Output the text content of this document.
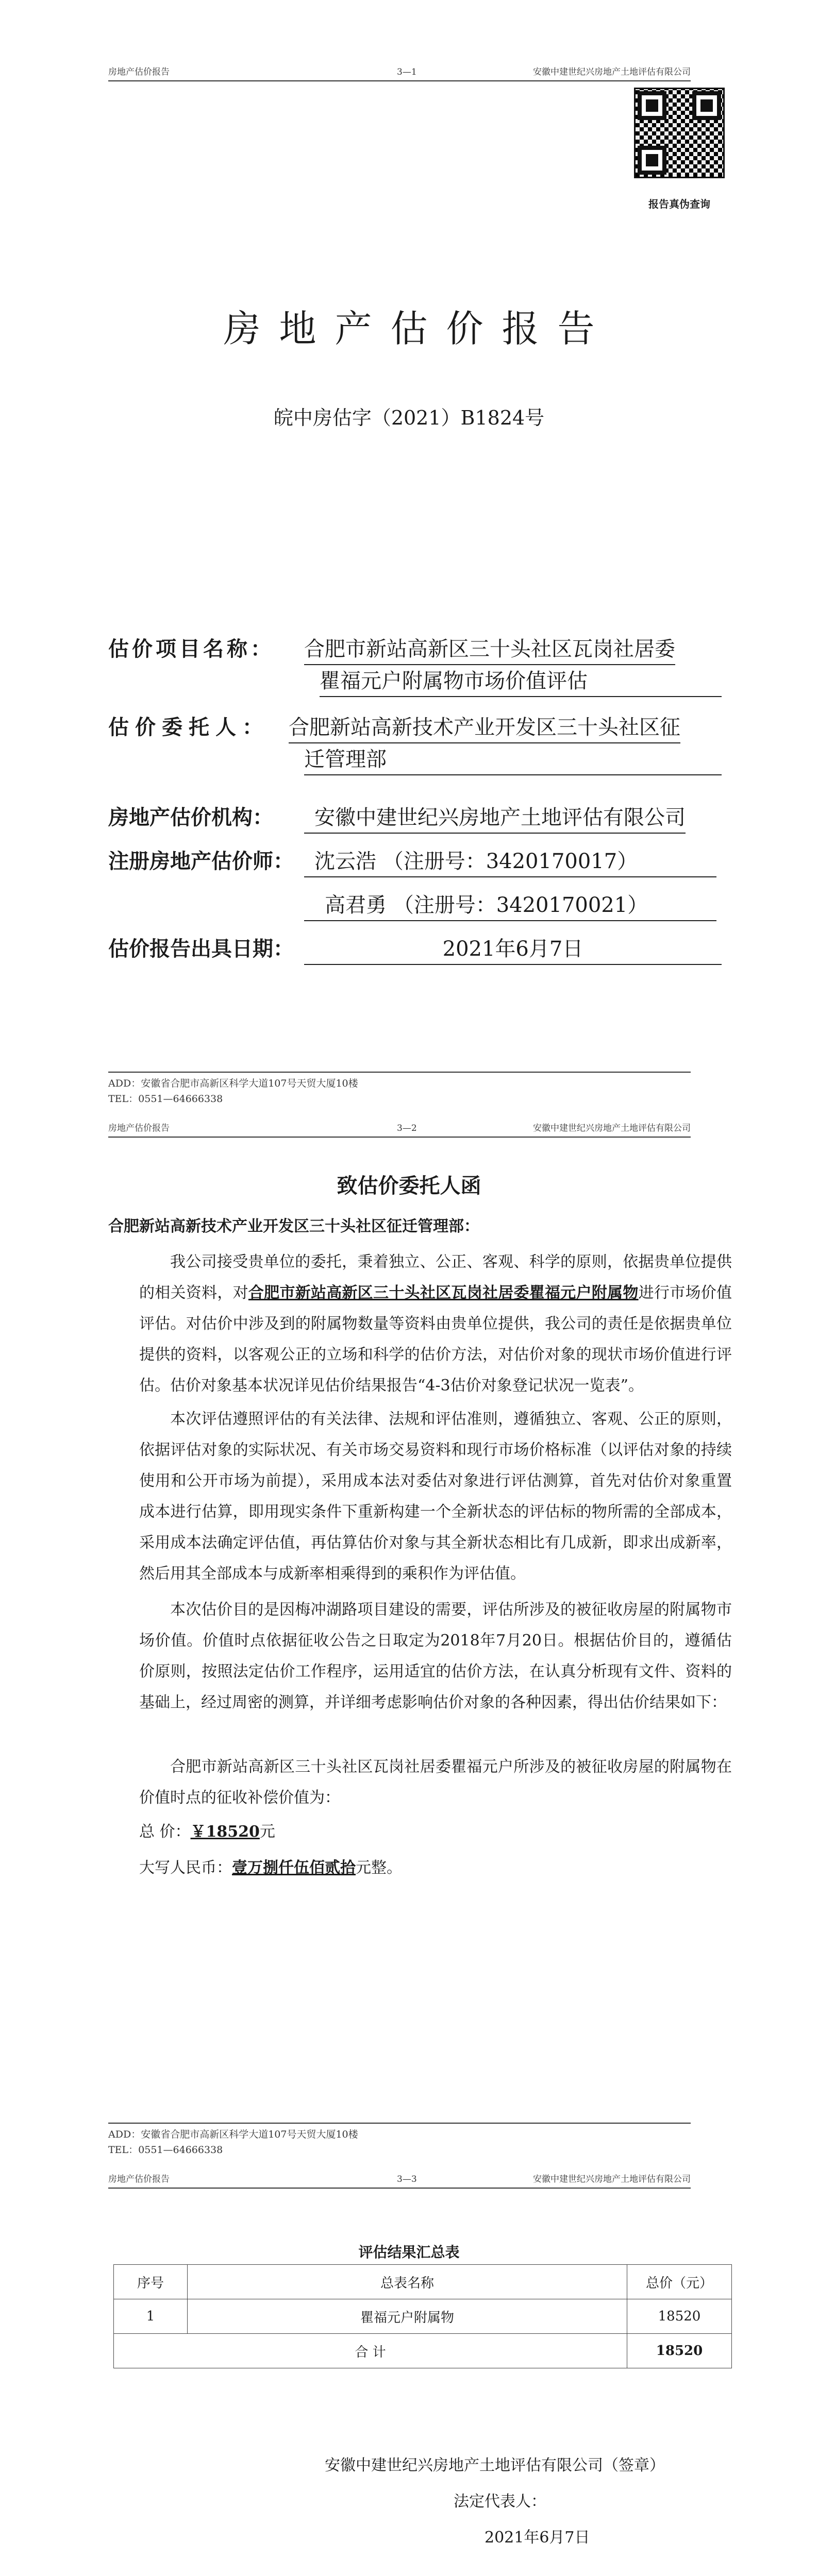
房地产估价报告	3—1	安徽中建世纪兴房地产土地评估有限公司
报告真伪查询
房地产估价报告
皖中房估字（2021）B1824号
估价项目名称： 合肥市新站高新区三十头社区瓦岗社居委
瞿福元户附属物市场价值评估
估价委托人： 合肥新站高新技术产业开发区三十头社区征
迁管理部
房地产估价机构：	安徽中建世纪兴房地产土地评估有限公司
注册房地产估价师：	沈云浩 （注册号：3420170017）
高君勇 （注册号：3420170021）
估价报告出具日期：	2021年6月7日
ADD：安徽省合肥市高新区科学大道107号天贸大厦10楼
TEL：0551—64666338
房地产估价报告	3—2	安徽中建世纪兴房地产土地评估有限公司
致估价委托人函
合肥新站高新技术产业开发区三十头社区征迁管理部：
我公司接受贵单位的委托，秉着独立、公正、客观、科学的原则，依据贵单位提供的相关资料，对合肥市新站高新区三十头社区瓦岗社居委瞿福元户附属物进行市场价值评估。对估价中涉及到的附属物数量等资料由贵单位提供，我公司的责任是依据贵单位提供的资料，以客观公正的立场和科学的估价方法，对估价对象的现状市场价值进行评估。估价对象基本状况详见估价结果报告“4-3估价对象登记状况一览表”。
本次评估遵照评估的有关法律、法规和评估准则，遵循独立、客观、公正的原则，依据评估对象的实际状况、有关市场交易资料和现行市场价格标准（以评估对象的持续使用和公开市场为前提），采用成本法对委估对象进行评估测算，首先对估价对象重置成本进行估算，即用现实条件下重新构建一个全新状态的评估标的物所需的全部成本，采用成本法确定评估值，再估算估价对象与其全新状态相比有几成新，即求出成新率，然后用其全部成本与成新率相乘得到的乘积作为评估值。
本次估价目的是因梅冲湖路项目建设的需要，评估所涉及的被征收房屋的附属物市场价值。价值时点依据征收公告之日取定为2018年7月20日。根据估价目的，遵循估价原则，按照法定估价工作程序，运用适宜的估价方法，在认真分析现有文件、资料的基础上，经过周密的测算，并详细考虑影响估价对象的各种因素，得出估价结果如下：
合肥市新站高新区三十头社区瓦岗社居委瞿福元户所涉及的被征收房屋的附属物在价值时点的征收补偿价值为：
总 价：￥18520元
大写人民币：壹万捌仟伍佰贰拾元整。
ADD：安徽省合肥市高新区科学大道107号天贸大厦10楼
TEL：0551—64666338
房地产估价报告	3—3	安徽中建世纪兴房地产土地评估有限公司
评估结果汇总表
序号	总表名称	总价（元）
1	瞿福元户附属物	18520
合 计		18520
安徽中建世纪兴房地产土地评估有限公司（签章）
法定代表人：
2021年6月7日
